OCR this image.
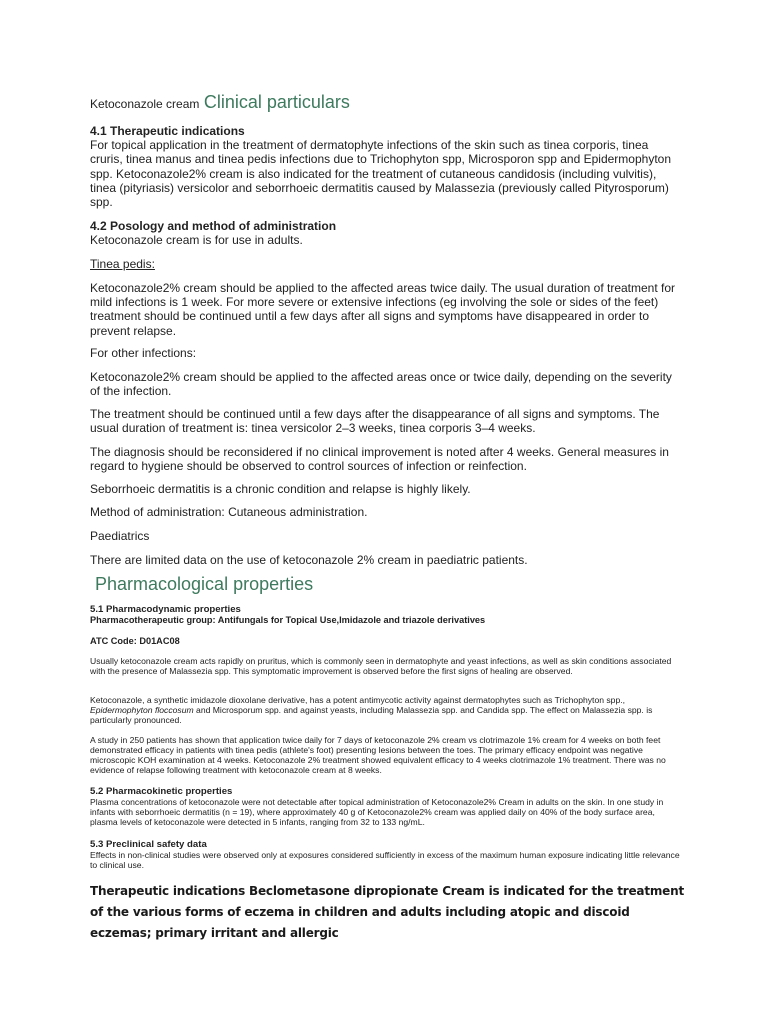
Ketoconazole cream Clinical particulars
4.1 Therapeutic indications
For topical application in the treatment of dermatophyte infections of the skin such as tinea corporis, tinea cruris, tinea manus and tinea pedis infections due to Trichophyton spp, Microsporon spp and Epidermophyton spp. Ketoconazole2% cream is also indicated for the treatment of cutaneous candidosis (including vulvitis), tinea (pityriasis) versicolor and seborrhoeic dermatitis caused by Malassezia (previously called Pityrosporum) spp.
4.2 Posology and method of administration
Ketoconazole cream is for use in adults.
Tinea pedis:
Ketoconazole2% cream should be applied to the affected areas twice daily. The usual duration of treatment for mild infections is 1 week. For more severe or extensive infections (eg involving the sole or sides of the feet) treatment should be continued until a few days after all signs and symptoms have disappeared in order to prevent relapse.
For other infections:
Ketoconazole2% cream should be applied to the affected areas once or twice daily, depending on the severity of the infection.
The treatment should be continued until a few days after the disappearance of all signs and symptoms. The usual duration of treatment is: tinea versicolor 2–3 weeks, tinea corporis 3–4 weeks.
The diagnosis should be reconsidered if no clinical improvement is noted after 4 weeks. General measures in regard to hygiene should be observed to control sources of infection or reinfection.
Seborrhoeic dermatitis is a chronic condition and relapse is highly likely.
Method of administration: Cutaneous administration.
Paediatrics
There are limited data on the use of ketoconazole 2% cream in paediatric patients.
Pharmacological properties
5.1 Pharmacodynamic properties
Pharmacotherapeutic group: Antifungals for Topical Use,Imidazole and triazole derivatives
ATC Code: D01AC08
Usually ketoconazole cream acts rapidly on pruritus, which is commonly seen in dermatophyte and yeast infections, as well as skin conditions associated with the presence of Malassezia spp. This symptomatic improvement is observed before the first signs of healing are observed.
Ketoconazole, a synthetic imidazole dioxolane derivative, has a potent antimycotic activity against dermatophytes such as Trichophyton spp., Epidermophyton floccosum and Microsporum spp. and against yeasts, including Malassezia spp. and Candida spp. The effect on Malassezia spp. is particularly pronounced.
A study in 250 patients has shown that application twice daily for 7 days of ketoconazole 2% cream vs clotrimazole 1% cream for 4 weeks on both feet demonstrated efficacy in patients with tinea pedis (athlete's foot) presenting lesions between the toes. The primary efficacy endpoint was negative microscopic KOH examination at 4 weeks. Ketoconazole 2% treatment showed equivalent efficacy to 4 weeks clotrimazole 1% treatment. There was no evidence of relapse following treatment with ketoconazole cream at 8 weeks.
5.2 Pharmacokinetic properties
Plasma concentrations of ketoconazole were not detectable after topical administration of Ketoconazole2% Cream in adults on the skin. In one study in infants with seborrhoeic dermatitis (n = 19), where approximately 40 g of Ketoconazole2% cream was applied daily on 40% of the body surface area, plasma levels of ketoconazole were detected in 5 infants, ranging from 32 to 133 ng/mL.
5.3 Preclinical safety data
Effects in non-clinical studies were observed only at exposures considered sufficiently in excess of the maximum human exposure indicating little relevance to clinical use.
Therapeutic indications Beclometasone dipropionate Cream is indicated for the treatment of the various forms of eczema in children and adults including atopic and discoid eczemas; primary irritant and allergic
